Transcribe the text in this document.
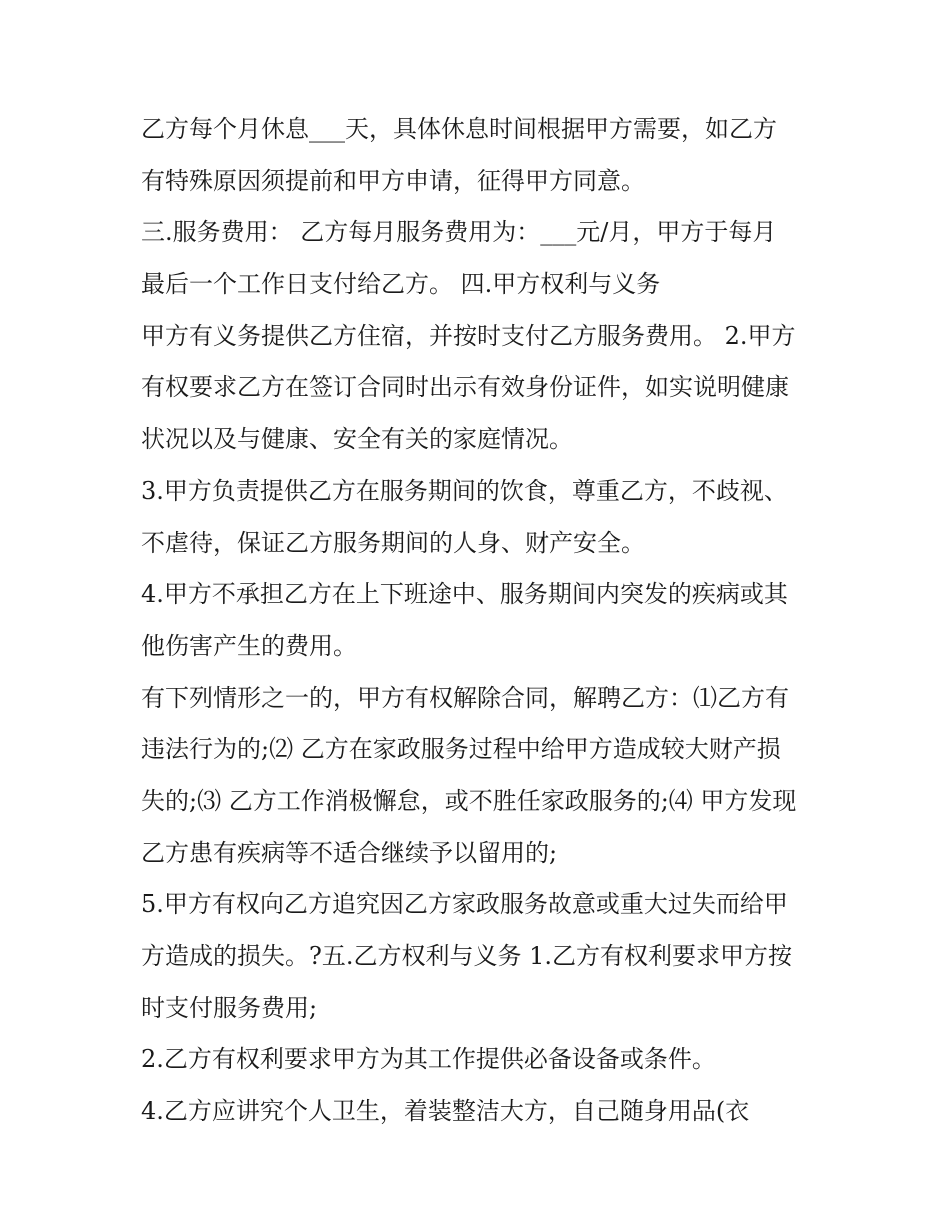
乙方每个月休息___天，具体休息时间根据甲方需要，如乙方
有特殊原因须提前和甲方申请，征得甲方同意。
三.服务费用： 乙方每月服务费用为：___元/月，甲方于每月
最后一个工作日支付给乙方。 四.甲方权利与义务
甲方有义务提供乙方住宿，并按时支付乙方服务费用。 2.甲方
有权要求乙方在签订合同时出示有效身份证件，如实说明健康
状况以及与健康、安全有关的家庭情况。
3.甲方负责提供乙方在服务期间的饮食，尊重乙方，不歧视、
不虐待，保证乙方服务期间的人身、财产安全。
4.甲方不承担乙方在上下班途中、服务期间内突发的疾病或其
他伤害产生的费用。
有下列情形之一的，甲方有权解除合同，解聘乙方：⑴乙方有
违法行为的;⑵ 乙方在家政服务过程中给甲方造成较大财产损
失的;⑶ 乙方工作消极懈怠，或不胜任家政服务的;⑷ 甲方发现
乙方患有疾病等不适合继续予以留用的;
5.甲方有权向乙方追究因乙方家政服务故意或重大过失而给甲
方造成的损失。?五.乙方权利与义务 1.乙方有权利要求甲方按
时支付服务费用;
2.乙方有权利要求甲方为其工作提供必备设备或条件。
4.乙方应讲究个人卫生，着装整洁大方，自己随身用品(衣
